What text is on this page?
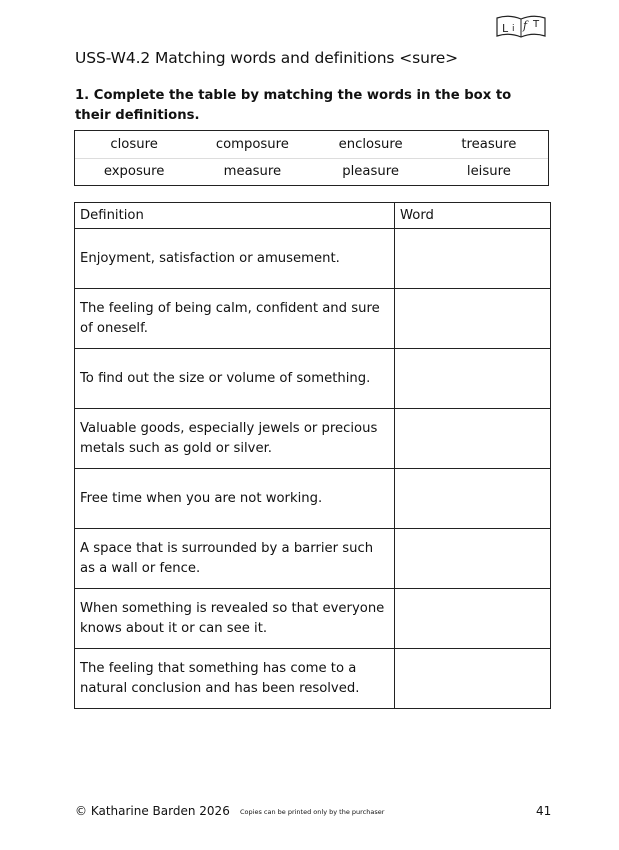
L i f T
USS-W4.2 Matching words and definitions <sure>
1. Complete the table by matching the words in the box to their definitions.
closure	composure	enclosure	treasure
exposure	measure	pleasure	leisure
Definition	Word
Enjoyment, satisfaction or amusement.	
The feeling of being calm, confident and sure of oneself.	
To find out the size or volume of something.	
Valuable goods, especially jewels or precious metals such as gold or silver.	
Free time when you are not working.	
A space that is surrounded by a barrier such as a wall or fence.	
When something is revealed so that everyone knows about it or can see it.	
The feeling that something has come to a natural conclusion and has been resolved.	
© Katharine Barden 2026 Copies can be printed only by the purchaser	41
